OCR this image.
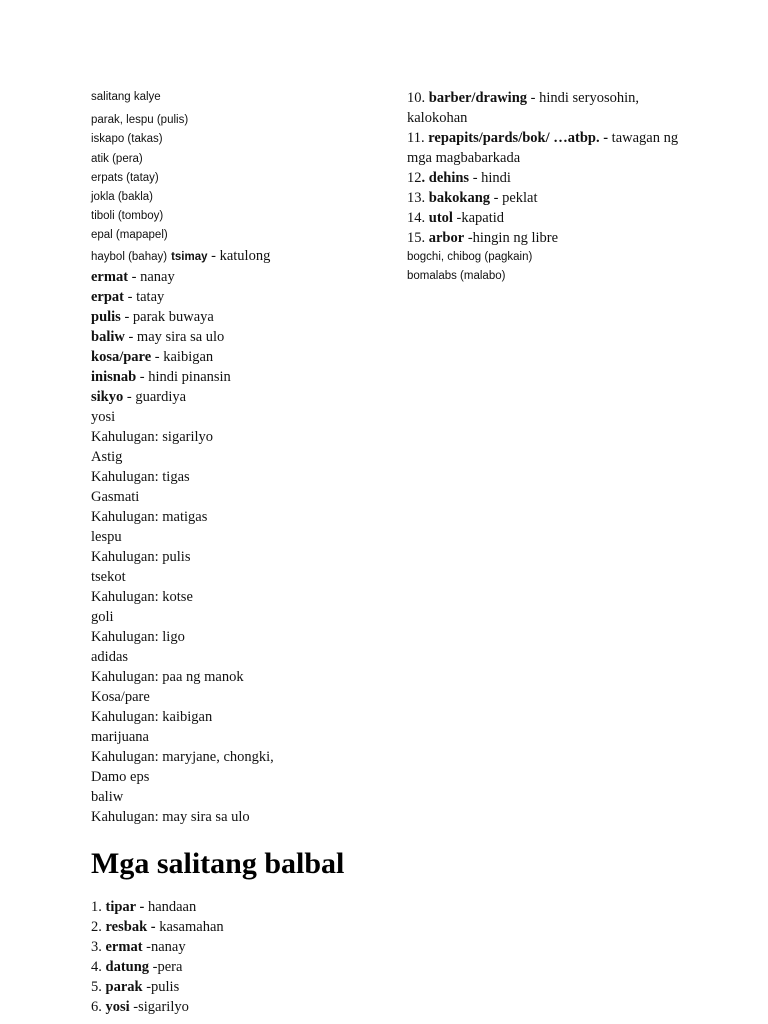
salitang kalye
parak, lespu (pulis)
iskapo (takas)
atik (pera)
erpats (tatay)
jokla (bakla)
tiboli (tomboy)
epal (mapapel)
haybol (bahay) tsimay - katulong
ermat - nanay
erpat - tatay
pulis - parak buwaya
baliw - may sira sa ulo
kosa/pare - kaibigan
inisnab - hindi pinansin
sikyo - guardiya
yosi
Kahulugan: sigarilyo
Astig
Kahulugan: tigas
Gasmati
Kahulugan: matigas
lespu
Kahulugan: pulis
tsekot
Kahulugan: kotse
goli
Kahulugan: ligo
adidas
Kahulugan: paa ng manok
Kosa/pare
Kahulugan: kaibigan
marijuana
Kahulugan: maryjane, chongki,
Damo eps
baliw
Kahulugan: may sira sa ulo
Mga salitang balbal
1. tipar - handaan
2. resbak - kasamahan
3. ermat -nanay
4. datung -pera
5. parak -pulis
6. yosi -sigarilyo
10. barber/drawing - hindi seryosohin, kalokohan
11. repapits/pards/bok/ …atbp. - tawagan ng mga magbabarkada
12. dehins - hindi
13. bakokang - peklat
14. utol -kapatid
15. arbor -hingin ng libre
bogchi, chibog (pagkain)
bomalabs (malabo)
